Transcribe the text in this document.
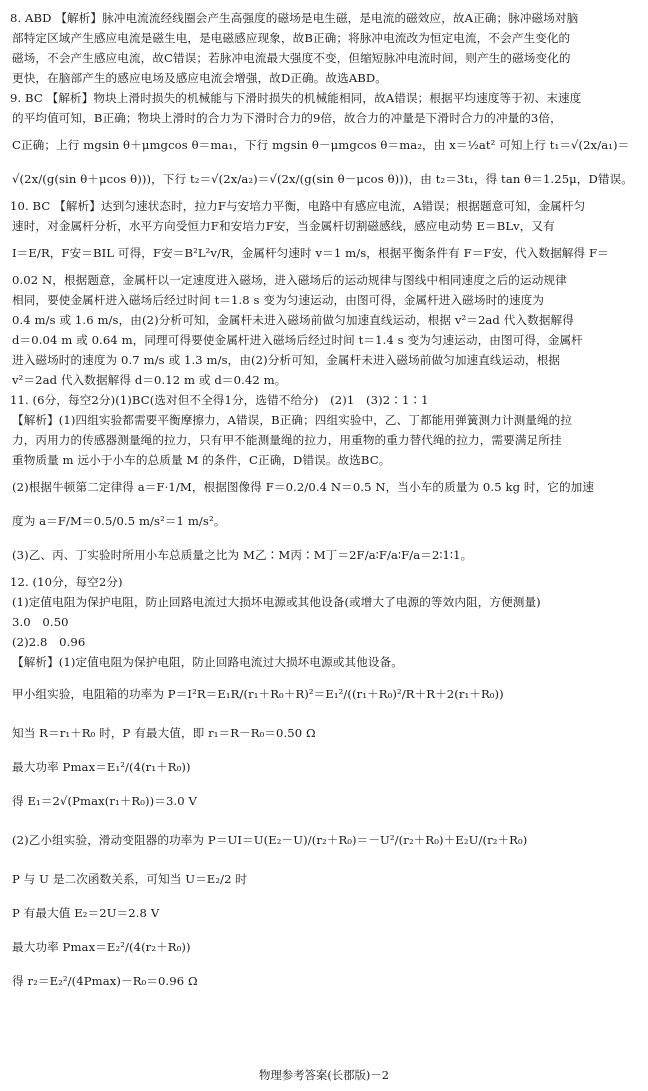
8. ABD 【解析】脉冲电流流经线圈会产生高强度的磁场是电生磁，是电流的磁效应，故A正确；脉冲磁场对脑
部特定区域产生感应电流是磁生电，是电磁感应现象，故B正确；将脉冲电流改为恒定电流，不会产生变化的
磁场，不会产生感应电流，故C错误；若脉冲电流最大强度不变，但缩短脉冲电流时间，则产生的磁场变化的
更快，在脑部产生的感应电场及感应电流会增强，故D正确。故选ABD。
9. BC 【解析】物块上滑时损失的机械能与下滑时损失的机械能相同，故A错误；根据平均速度等于初、末速度
的平均值可知，B正确；物块上滑时的合力为下滑时合力的9倍，故合力的冲量是下滑时合力的冲量的3倍，
C正确；上行 mgsin θ＋μmgcos θ＝ma₁，下行 mgsin θ－μmgcos θ＝ma₂，由 x＝½at² 可知上行 t₁＝√(2x/a₁)＝
√(2x/(g(sin θ＋μcos θ)))，下行 t₂＝√(2x/a₂)＝√(2x/(g(sin θ－μcos θ)))，由 t₂＝3t₁，得 tan θ＝1.25μ，D错误。
10. BC 【解析】达到匀速状态时，拉力F与安培力平衡，电路中有感应电流，A错误；根据题意可知，金属杆匀
速时，对金属杆分析，水平方向受恒力F和安培力F安，当金属杆切割磁感线，感应电动势 E＝BLv，又有
I＝E/R，F安＝BIL 可得，F安＝B²L²v/R，金属杆匀速时 v＝1 m/s，根据平衡条件有 F＝F安，代入数据解得 F＝
0.02 N，根据题意，金属杆以一定速度进入磁场，进入磁场后的运动规律与图线中相同速度之后的运动规律
相同，要使金属杆进入磁场后经过时间 t＝1.8 s 变为匀速运动，由图可得，金属杆进入磁场时的速度为
0.4 m/s 或 1.6 m/s，由(2)分析可知，金属杆未进入磁场前做匀加速直线运动，根据 v²＝2ad 代入数据解得
d＝0.04 m 或 0.64 m，同理可得要使金属杆进入磁场后经过时间 t＝1.4 s 变为匀速运动，由图可得，金属杆
进入磁场时的速度为 0.7 m/s 或 1.3 m/s，由(2)分析可知，金属杆未进入磁场前做匀加速直线运动，根据
v²＝2ad 代入数据解得 d＝0.12 m 或 d＝0.42 m。
11. (6分，每空2分)(1)BC(选对但不全得1分，选错不给分)　(2)1　(3)2∶1∶1
【解析】(1)四组实验都需要平衡摩擦力，A错误，B正确；四组实验中，乙、丁都能用弹簧测力计测量绳的拉
力，丙用力的传感器测量绳的拉力，只有甲不能测量绳的拉力，用重物的重力替代绳的拉力，需要满足所挂
重物质量 m 远小于小车的总质量 M 的条件，C正确，D错误。故选BC。
(2)根据牛顿第二定律得 a＝F·1/M，根据图像得 F＝0.2/0.4 N＝0.5 N，当小车的质量为 0.5 kg 时，它的加速
度为 a＝F/M＝0.5/0.5 m/s²＝1 m/s²。
(3)乙、丙、丁实验时所用小车总质量之比为 M乙∶M丙∶M丁＝2F/a∶F/a∶F/a＝2∶1∶1。
12. (10分，每空2分)
(1)定值电阻为保护电阻，防止回路电流过大损坏电源或其他设备(或增大了电源的等效内阻，方便测量)
3.0　0.50
(2)2.8　0.96
【解析】(1)定值电阻为保护电阻，防止回路电流过大损坏电源或其他设备。
甲小组实验，电阻箱的功率为 P＝I²R＝E₁R/(r₁＋R₀＋R)²＝E₁²/((r₁＋R₀)²/R＋R＋2(r₁＋R₀))
知当 R＝r₁＋R₀ 时，P 有最大值，即 r₁＝R－R₀＝0.50 Ω
最大功率 Pmax＝E₁²/(4(r₁＋R₀))
得 E₁＝2√(Pmax(r₁＋R₀))＝3.0 V
(2)乙小组实验，滑动变阻器的功率为 P＝UI＝U(E₂－U)/(r₂＋R₀)＝－U²/(r₂＋R₀)＋E₂U/(r₂＋R₀)
P 与 U 是二次函数关系，可知当 U＝E₂/2 时
P 有最大值 E₂＝2U＝2.8 V
最大功率 Pmax＝E₂²/(4(r₂＋R₀))
得 r₂＝E₂²/(4Pmax)－R₀＝0.96 Ω
物理参考答案(长郡版)－2
